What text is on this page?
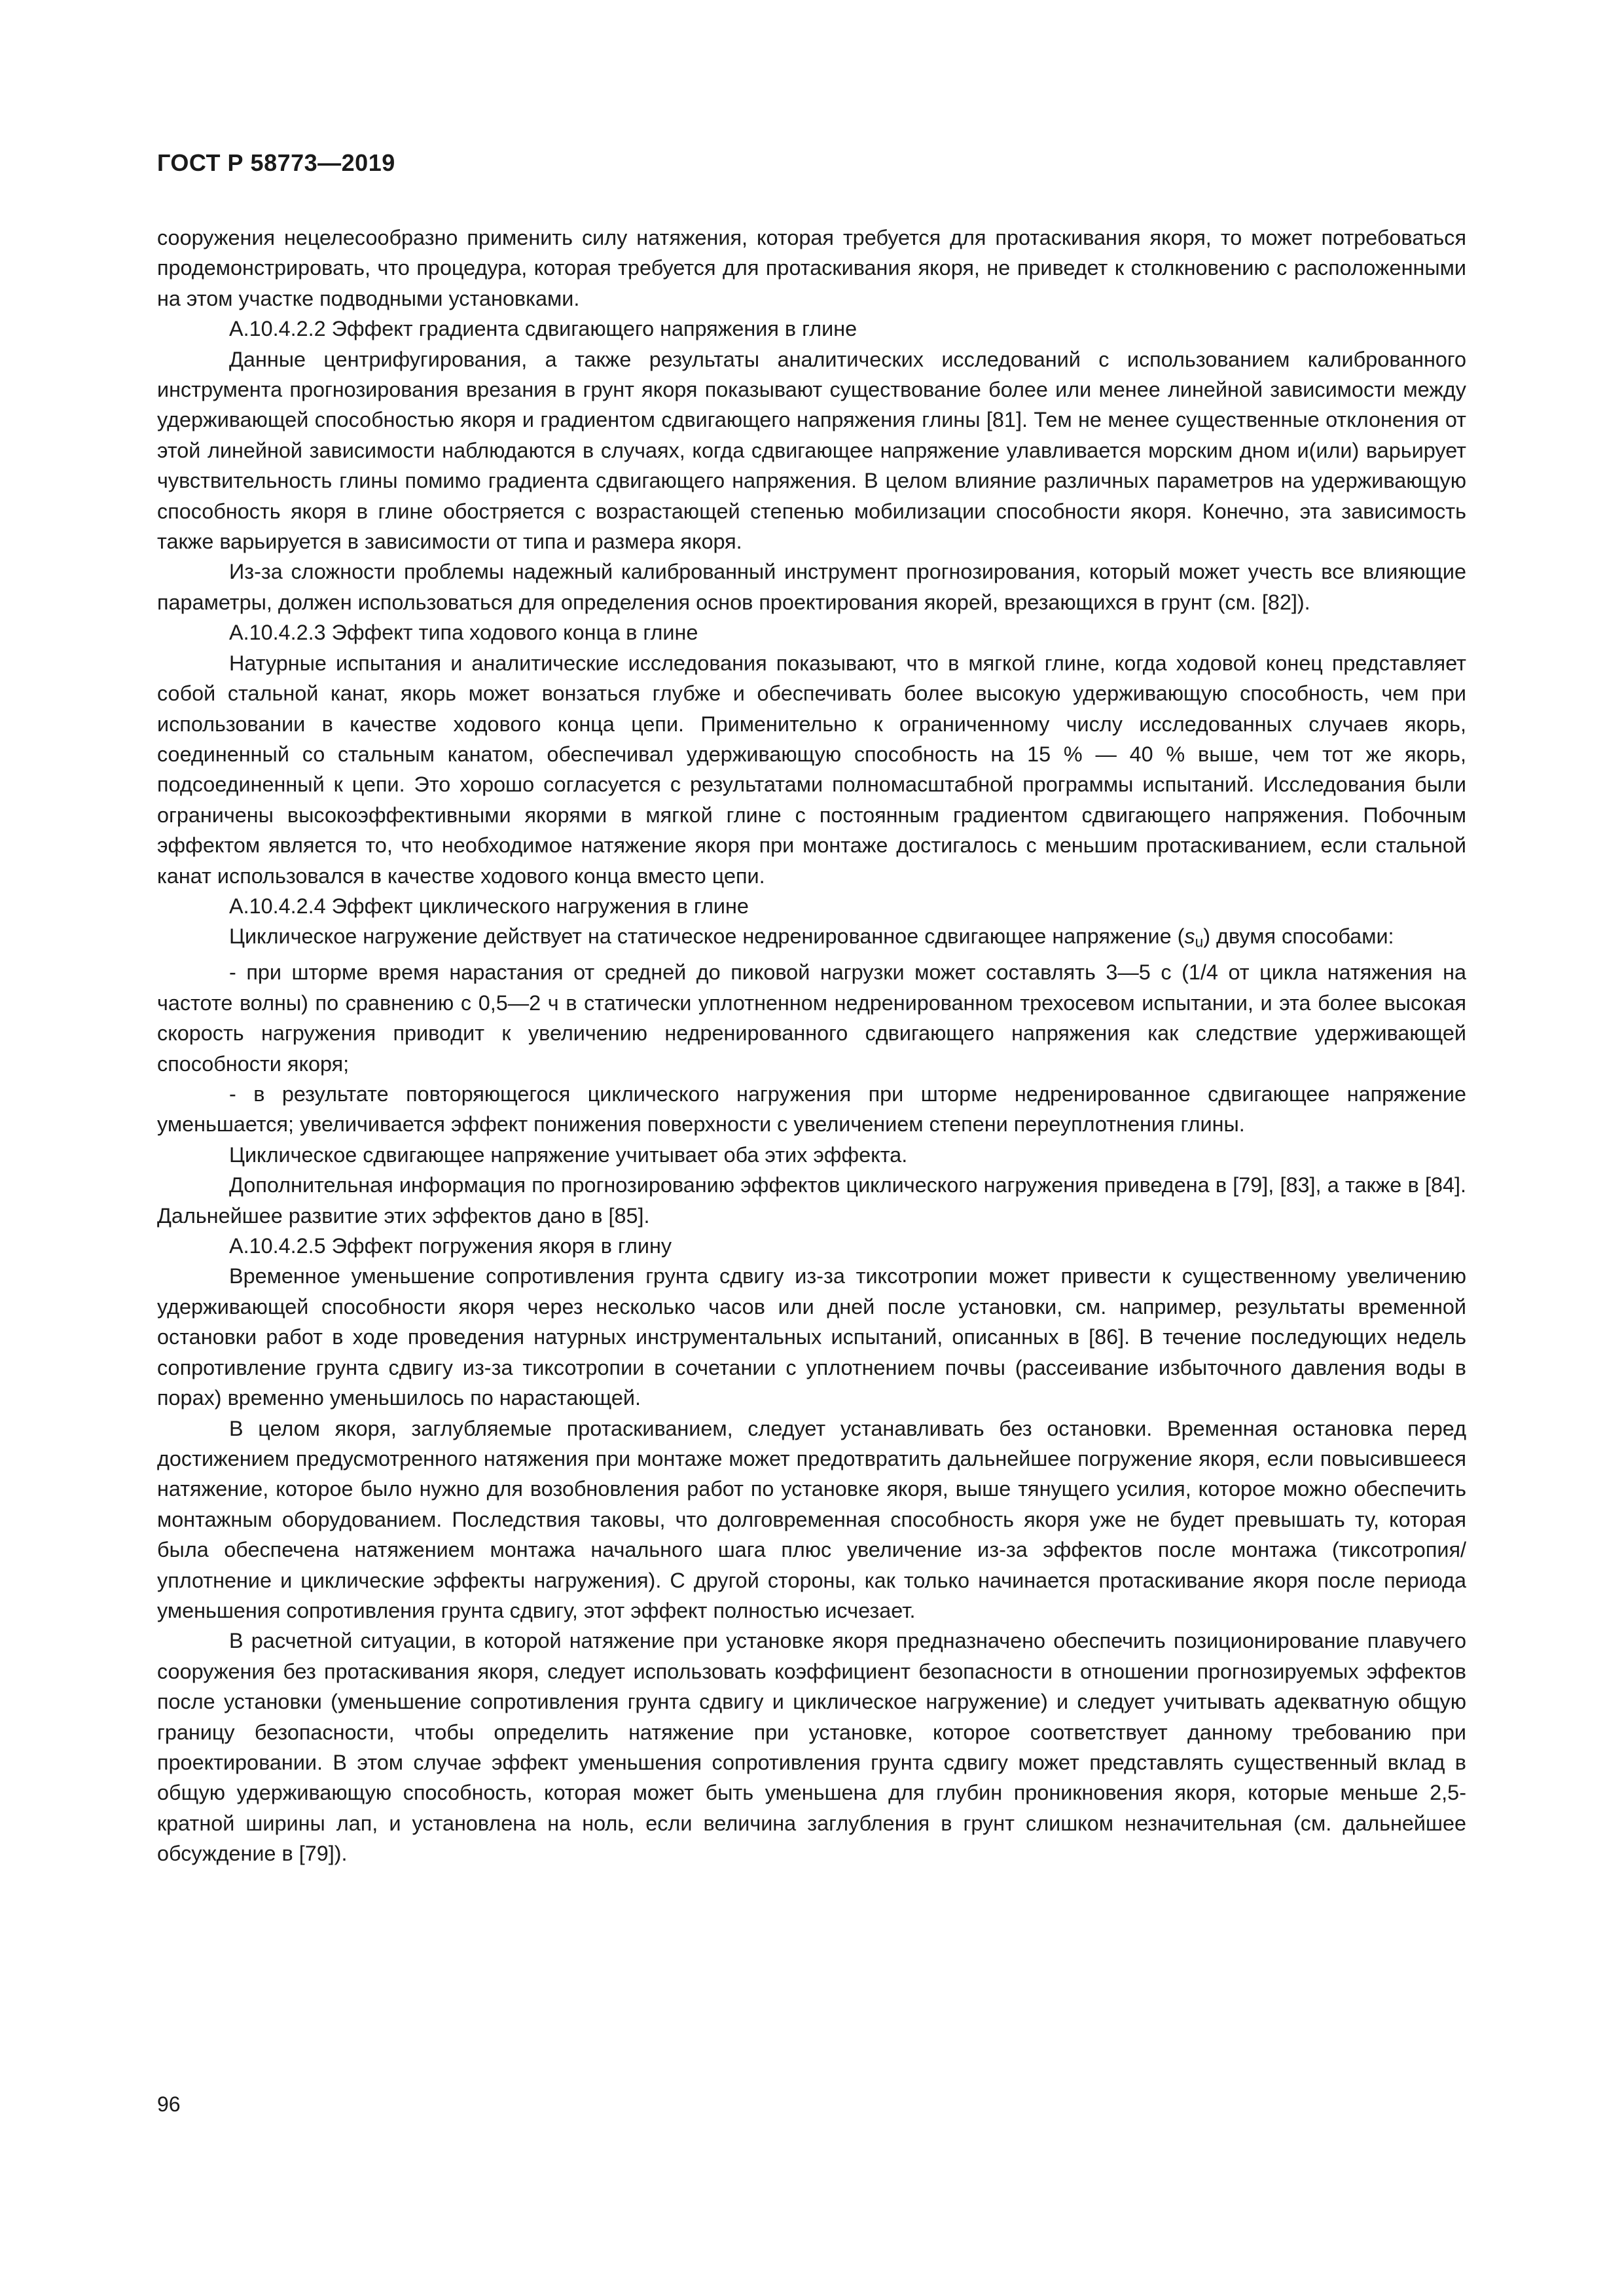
ГОСТ Р 58773—2019

сооружения нецелесообразно применить силу натяжения, которая требуется для протаскивания якоря, то может потребоваться продемонстрировать, что процедура, которая требуется для протаскивания якоря, не приведет к столкновению с расположенными на этом участке подводными установками.

А.10.4.2.2 Эффект градиента сдвигающего напряжения в глине

Данные центрифугирования, а также результаты аналитических исследований с использованием калиброванного инструмента прогнозирования врезания в грунт якоря показывают существование более или менее линейной зависимости между удерживающей способностью якоря и градиентом сдвигающего напряжения глины [81]. Тем не менее существенные отклонения от этой линейной зависимости наблюдаются в случаях, когда сдвигающее напряжение улавливается морским дном и(или) варьирует чувствительность глины помимо градиента сдвигающего напряжения. В целом влияние различных параметров на удерживающую способность якоря в глине обостряется с возрастающей степенью мобилизации способности якоря. Конечно, эта зависимость также варьируется в зависимости от типа и размера якоря.

Из-за сложности проблемы надежный калиброванный инструмент прогнозирования, который может учесть все влияющие параметры, должен использоваться для определения основ проектирования якорей, врезающихся в грунт (см. [82]).

А.10.4.2.3 Эффект типа ходового конца в глине

Натурные испытания и аналитические исследования показывают, что в мягкой глине, когда ходовой конец представляет собой стальной канат, якорь может вонзаться глубже и обеспечивать более высокую удерживающую способность, чем при использовании в качестве ходового конца цепи. Применительно к ограниченному числу исследованных случаев якорь, соединенный со стальным канатом, обеспечивал удерживающую способность на 15 % — 40 % выше, чем тот же якорь, подсоединенный к цепи. Это хорошо согласуется с результатами полномасштабной программы испытаний. Исследования были ограничены высокоэффективными якорями в мягкой глине с постоянным градиентом сдвигающего напряжения. Побочным эффектом является то, что необходимое натяжение якоря при монтаже достигалось с меньшим протаскиванием, если стальной канат использовался в качестве ходового конца вместо цепи.

А.10.4.2.4 Эффект циклического нагружения в глине

Циклическое нагружение действует на статическое недренированное сдвигающее напряжение $(s_u)$ двумя способами:

- при шторме время нарастания от средней до пиковой нагрузки может составлять 3—5 с (1/4 от цикла натяжения на частоте волны) по сравнению с 0,5—2 ч в статически уплотненном недренированном трехосевом испытании, и эта более высокая скорость нагружения приводит к увеличению недренированного сдвигающего напряжения как следствие удерживающей способности якоря;

- в результате повторяющегося циклического нагружения при шторме недренированное сдвигающее напряжение уменьшается; увеличивается эффект понижения поверхности с увеличением степени переуплотнения глины.

Циклическое сдвигающее напряжение учитывает оба этих эффекта.

Дополнительная информация по прогнозированию эффектов циклического нагружения приведена в [79], [83], а также в [84]. Дальнейшее развитие этих эффектов дано в [85].

А.10.4.2.5 Эффект погружения якоря в глину

Временное уменьшение сопротивления грунта сдвигу из-за тиксотропии может привести к существенному увеличению удерживающей способности якоря через несколько часов или дней после установки, см. например, результаты временной остановки работ в ходе проведения натурных инструментальных испытаний, описанных в [86]. В течение последующих недель сопротивление грунта сдвигу из-за тиксотропии в сочетании с уплотнением почвы (рассеивание избыточного давления воды в порах) временно уменьшилось по нарастающей.

В целом якоря, заглубляемые протаскиванием, следует устанавливать без остановки. Временная остановка перед достижением предусмотренного натяжения при монтаже может предотвратить дальнейшее погружение якоря, если повысившееся натяжение, которое было нужно для возобновления работ по установке якоря, выше тянущего усилия, которое можно обеспечить монтажным оборудованием. Последствия таковы, что долговременная способность якоря уже не будет превышать ту, которая была обеспечена натяжением монтажа начального шага плюс увеличение из-за эффектов после монтажа (тиксотропия/уплотнение и циклические эффекты нагружения). С другой стороны, как только начинается протаскивание якоря после периода уменьшения сопротивления грунта сдвигу, этот эффект полностью исчезает.

В расчетной ситуации, в которой натяжение при установке якоря предназначено обеспечить позиционирование плавучего сооружения без протаскивания якоря, следует использовать коэффициент безопасности в отношении прогнозируемых эффектов после установки (уменьшение сопротивления грунта сдвигу и циклическое нагружение) и следует учитывать адекватную общую границу безопасности, чтобы определить натяжение при установке, которое соответствует данному требованию при проектировании. В этом случае эффект уменьшения сопротивления грунта сдвигу может представлять существенный вклад в общую удерживающую способность, которая может быть уменьшена для глубин проникновения якоря, которые меньше 2,5-кратной ширины лап, и установлена на ноль, если величина заглубления в грунт слишком незначительная (см. дальнейшее обсуждение в [79]).

96
